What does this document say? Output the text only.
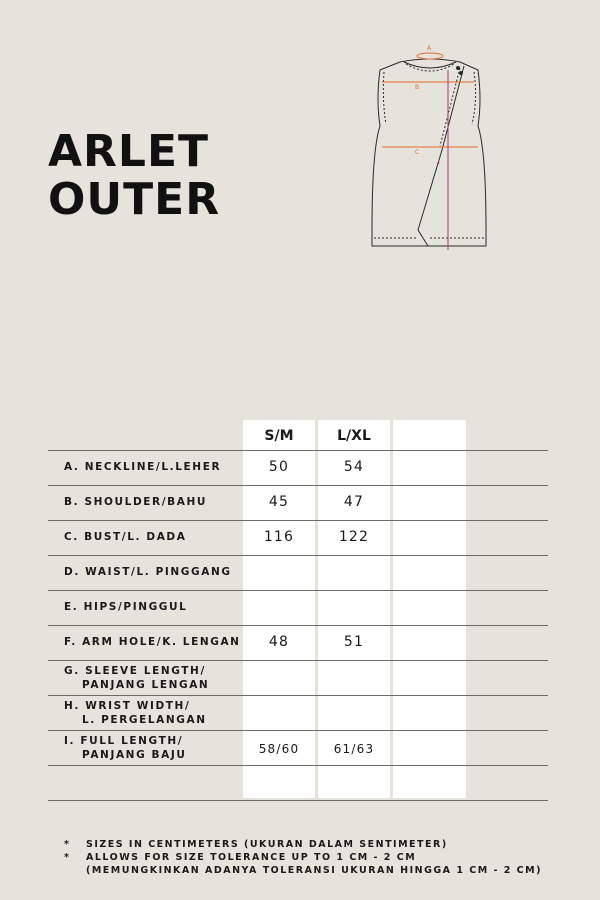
ARLET
OUTER
A
B
C
I
S/M	L/XL
A. NECKLINE/L.LEHER	50	54
B. SHOULDER/BAHU	45	47
C. BUST/L. DADA	116	122
D. WAIST/L. PINGGANG
E. HIPS/PINGGUL
F. ARM HOLE/K. LENGAN	48	51
G. SLEEVE LENGTH/
PANJANG LENGAN
H. WRIST WIDTH/
L. PERGELANGAN
I. FULL LENGTH/
PANJANG BAJU	58/60	61/63
* SIZES IN CENTIMETERS (UKURAN DALAM SENTIMETER)
* ALLOWS FOR SIZE TOLERANCE UP TO 1 CM - 2 CM
(MEMUNGKINKAN ADANYA TOLERANSI UKURAN HINGGA 1 CM - 2 CM)
